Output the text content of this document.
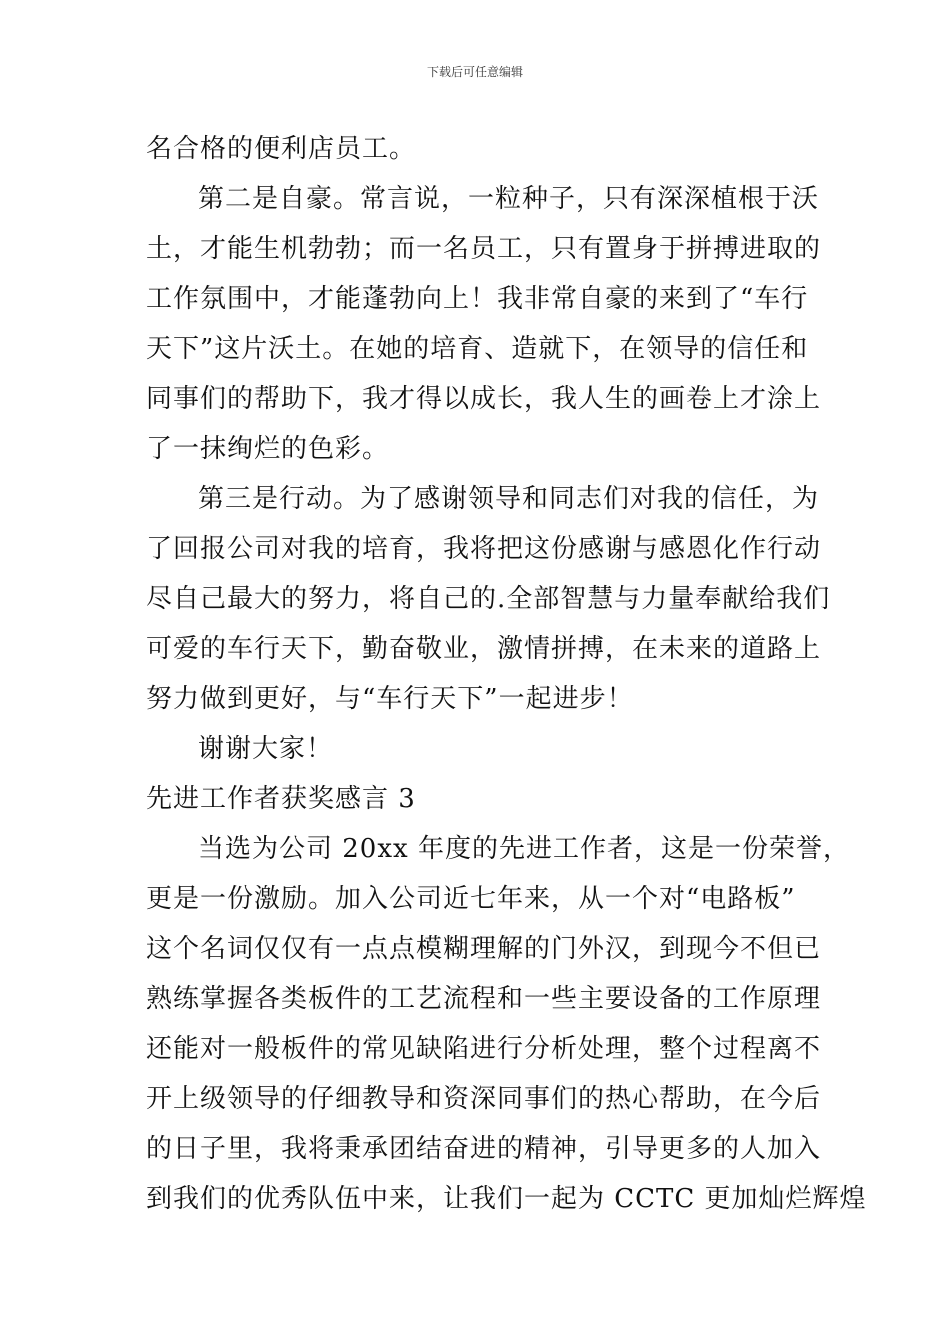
下载后可任意编辑
名合格的便利店员工。
第二是自豪。常言说，一粒种子，只有深深植根于沃
土，才能生机勃勃；而一名员工，只有置身于拼搏进取的
工作氛围中，才能蓬勃向上！我非常自豪的来到了“车行
天下”这片沃土。在她的培育、造就下，在领导的信任和
同事们的帮助下，我才得以成长，我人生的画卷上才涂上
了一抹绚烂的色彩。
第三是行动。为了感谢领导和同志们对我的信任，为
了回报公司对我的培育，我将把这份感谢与感恩化作行动
尽自己最大的努力，将自己的.全部智慧与力量奉献给我们
可爱的车行天下，勤奋敬业，激情拼搏，在未来的道路上
努力做到更好，与“车行天下”一起进步！
谢谢大家！
先进工作者获奖感言 3
当选为公司 20xx 年度的先进工作者，这是一份荣誉，
更是一份激励。加入公司近七年来，从一个对“电路板”
这个名词仅仅有一点点模糊理解的门外汉，到现今不但已
熟练掌握各类板件的工艺流程和一些主要设备的工作原理
还能对一般板件的常见缺陷进行分析处理，整个过程离不
开上级领导的仔细教导和资深同事们的热心帮助，在今后
的日子里，我将秉承团结奋进的精神，引导更多的人加入
到我们的优秀队伍中来，让我们一起为 CCTC 更加灿烂辉煌
